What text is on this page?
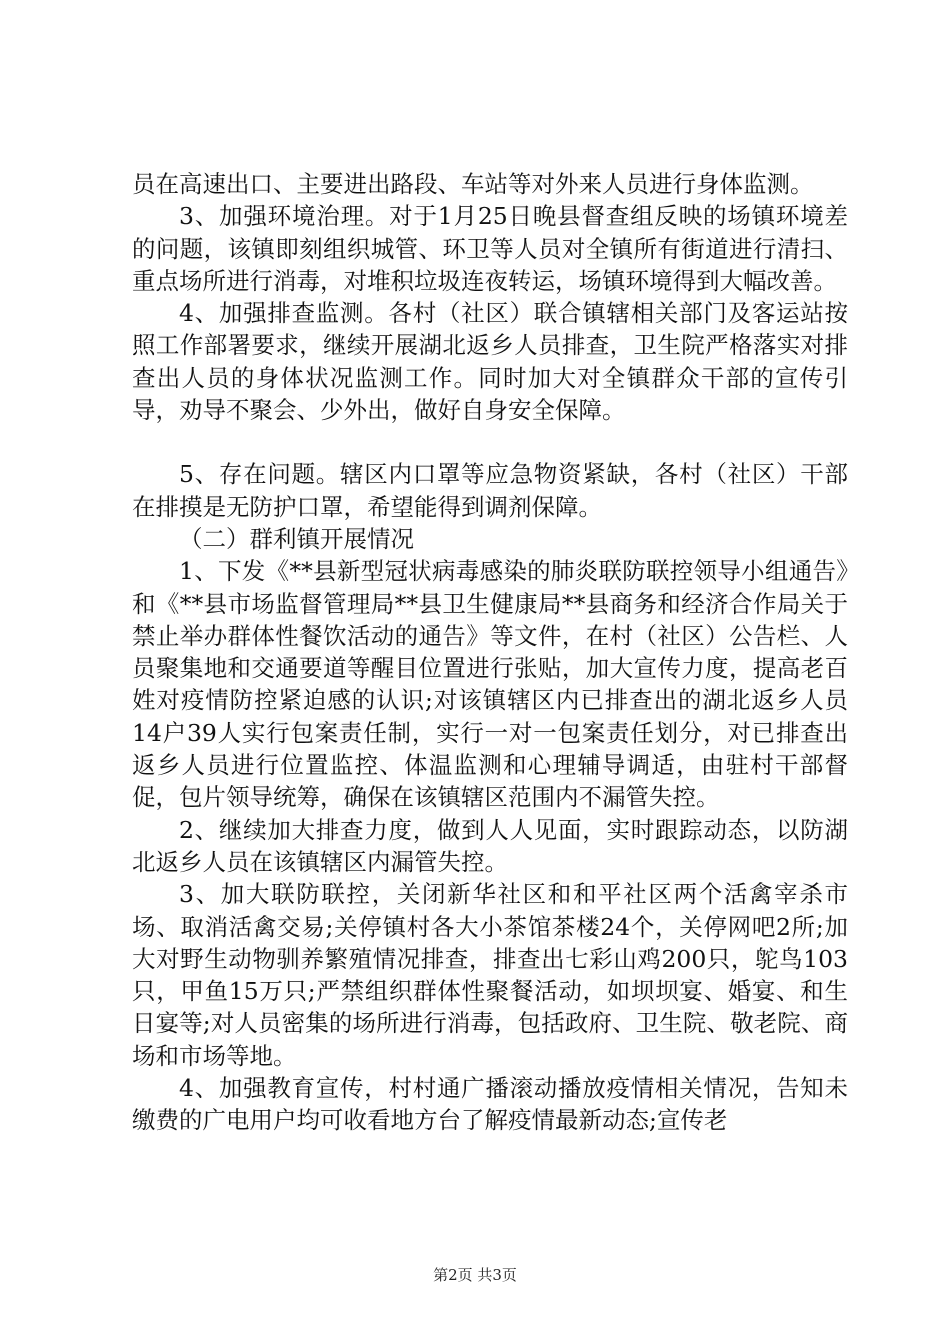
员在高速出口、主要进出路段、车站等对外来人员进行身体监测。

3、加强环境治理。对于1月25日晚县督查组反映的场镇环境差的问题，该镇即刻组织城管、环卫等人员对全镇所有街道进行清扫、重点场所进行消毒，对堆积垃圾连夜转运，场镇环境得到大幅改善。

4、加强排查监测。各村（社区）联合镇辖相关部门及客运站按照工作部署要求，继续开展湖北返乡人员排查，卫生院严格落实对排查出人员的身体状况监测工作。同时加大对全镇群众干部的宣传引导，劝导不聚会、少外出，做好自身安全保障。

5、存在问题。辖区内口罩等应急物资紧缺，各村（社区）干部在排摸是无防护口罩，希望能得到调剂保障。

（二）群利镇开展情况

1、下发《**县新型冠状病毒感染的肺炎联防联控领导小组通告》和《**县市场监督管理局**县卫生健康局**县商务和经济合作局关于禁止举办群体性餐饮活动的通告》等文件，在村（社区）公告栏、人员聚集地和交通要道等醒目位置进行张贴，加大宣传力度，提高老百姓对疫情防控紧迫感的认识;对该镇辖区内已排查出的湖北返乡人员14户39人实行包案责任制，实行一对一包案责任划分，对已排查出返乡人员进行位置监控、体温监测和心理辅导调适，由驻村干部督促，包片领导统筹，确保在该镇辖区范围内不漏管失控。

2、继续加大排查力度，做到人人见面，实时跟踪动态，以防湖北返乡人员在该镇辖区内漏管失控。

3、加大联防联控，关闭新华社区和和平社区两个活禽宰杀市场、取消活禽交易;关停镇村各大小茶馆茶楼24个，关停网吧2所;加大对野生动物驯养繁殖情况排查，排查出七彩山鸡200只，鸵鸟103只，甲鱼15万只;严禁组织群体性聚餐活动，如坝坝宴、婚宴、和生日宴等;对人员密集的场所进行消毒，包括政府、卫生院、敬老院、商场和市场等地。

4、加强教育宣传，村村通广播滚动播放疫情相关情况，告知未缴费的广电用户均可收看地方台了解疫情最新动态;宣传老

第2页 共3页
